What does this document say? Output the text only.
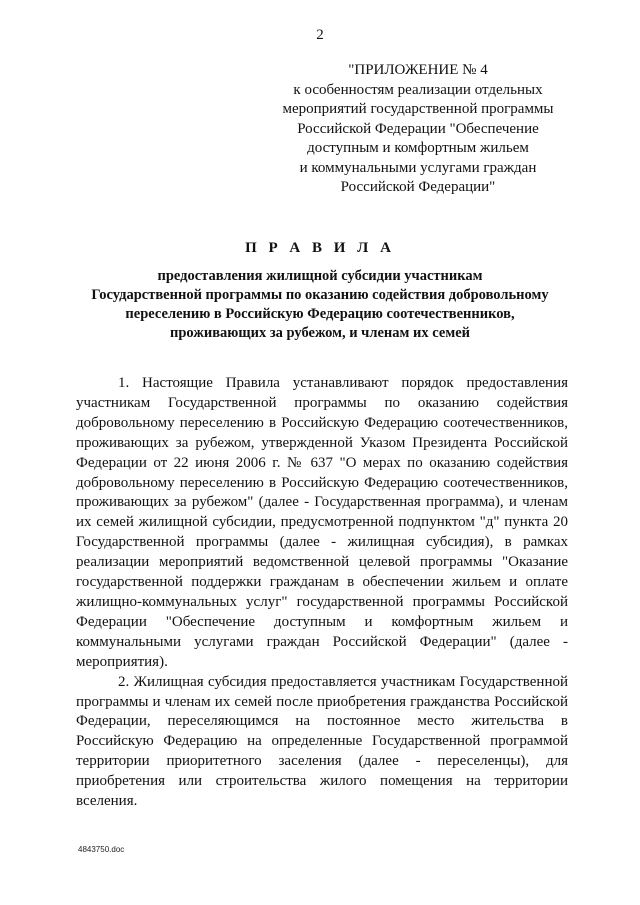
2
"ПРИЛОЖЕНИЕ № 4
к особенностям реализации отдельных
мероприятий государственной программы
Российской Федерации "Обеспечение
доступным и комфортным жильем
и коммунальными услугами граждан
Российской Федерации"
П Р А В И Л А
предоставления жилищной субсидии участникам
Государственной программы по оказанию содействия добровольному
переселению в Российскую Федерацию соотечественников,
проживающих за рубежом, и членам их семей

1. Настоящие Правила устанавливают порядок предоставления участникам Государственной программы по оказанию содействия добровольному переселению в Российскую Федерацию соотечественников, проживающих за рубежом, утвержденной Указом Президента Российской Федерации от 22 июня 2006 г. № 637 "О мерах по оказанию содействия добровольному переселению в Российскую Федерацию соотечественников, проживающих за рубежом" (далее - Государственная программа), и членам их семей жилищной субсидии, предусмотренной подпунктом "д" пункта 20 Государственной программы (далее - жилищная субсидия), в рамках реализации мероприятий ведомственной целевой программы "Оказание государственной поддержки гражданам в обеспечении жильем и оплате жилищно-коммунальных услуг" государственной программы Российской Федерации "Обеспечение доступным и комфортным жильем и коммунальными услугами граждан Российской Федерации" (далее - мероприятия).

2. Жилищная субсидия предоставляется участникам Государственной программы и членам их семей после приобретения гражданства Российской Федерации, переселяющимся на постоянное место жительства в Российскую Федерацию на определенные Государственной программой территории приоритетного заселения (далее - переселенцы), для приобретения или строительства жилого помещения на территории вселения.

4843750.doc
